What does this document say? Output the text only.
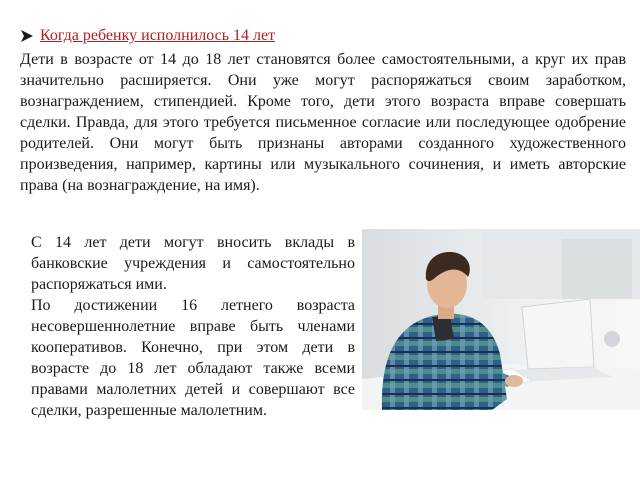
Когда ребенку исполнилось 14 лет

Дети в возрасте от 14 до 18 лет становятся более самостоятельными, а круг их прав значительно расширяется. Они уже могут распоряжаться своим заработком, вознаграждением, стипендией. Кроме того, дети этого возраста вправе совершать сделки. Правда, для этого требуется письменное согласие или последующее одобрение родителей. Они могут быть признаны авторами созданного художественного произведения, например, картины или музыкального сочинения, и иметь авторские права (на вознаграждение, на имя).

С 14 лет дети могут вносить вклады в банковские учреждения и самостоятельно распоряжаться ими.

По достижении 16 летнего возраста несовершеннолетние вправе быть членами кооперативов. Конечно, при этом дети в возрасте до 18 лет обладают также всеми правами малолетних детей и совершают все сделки, разрешенные малолетним.
